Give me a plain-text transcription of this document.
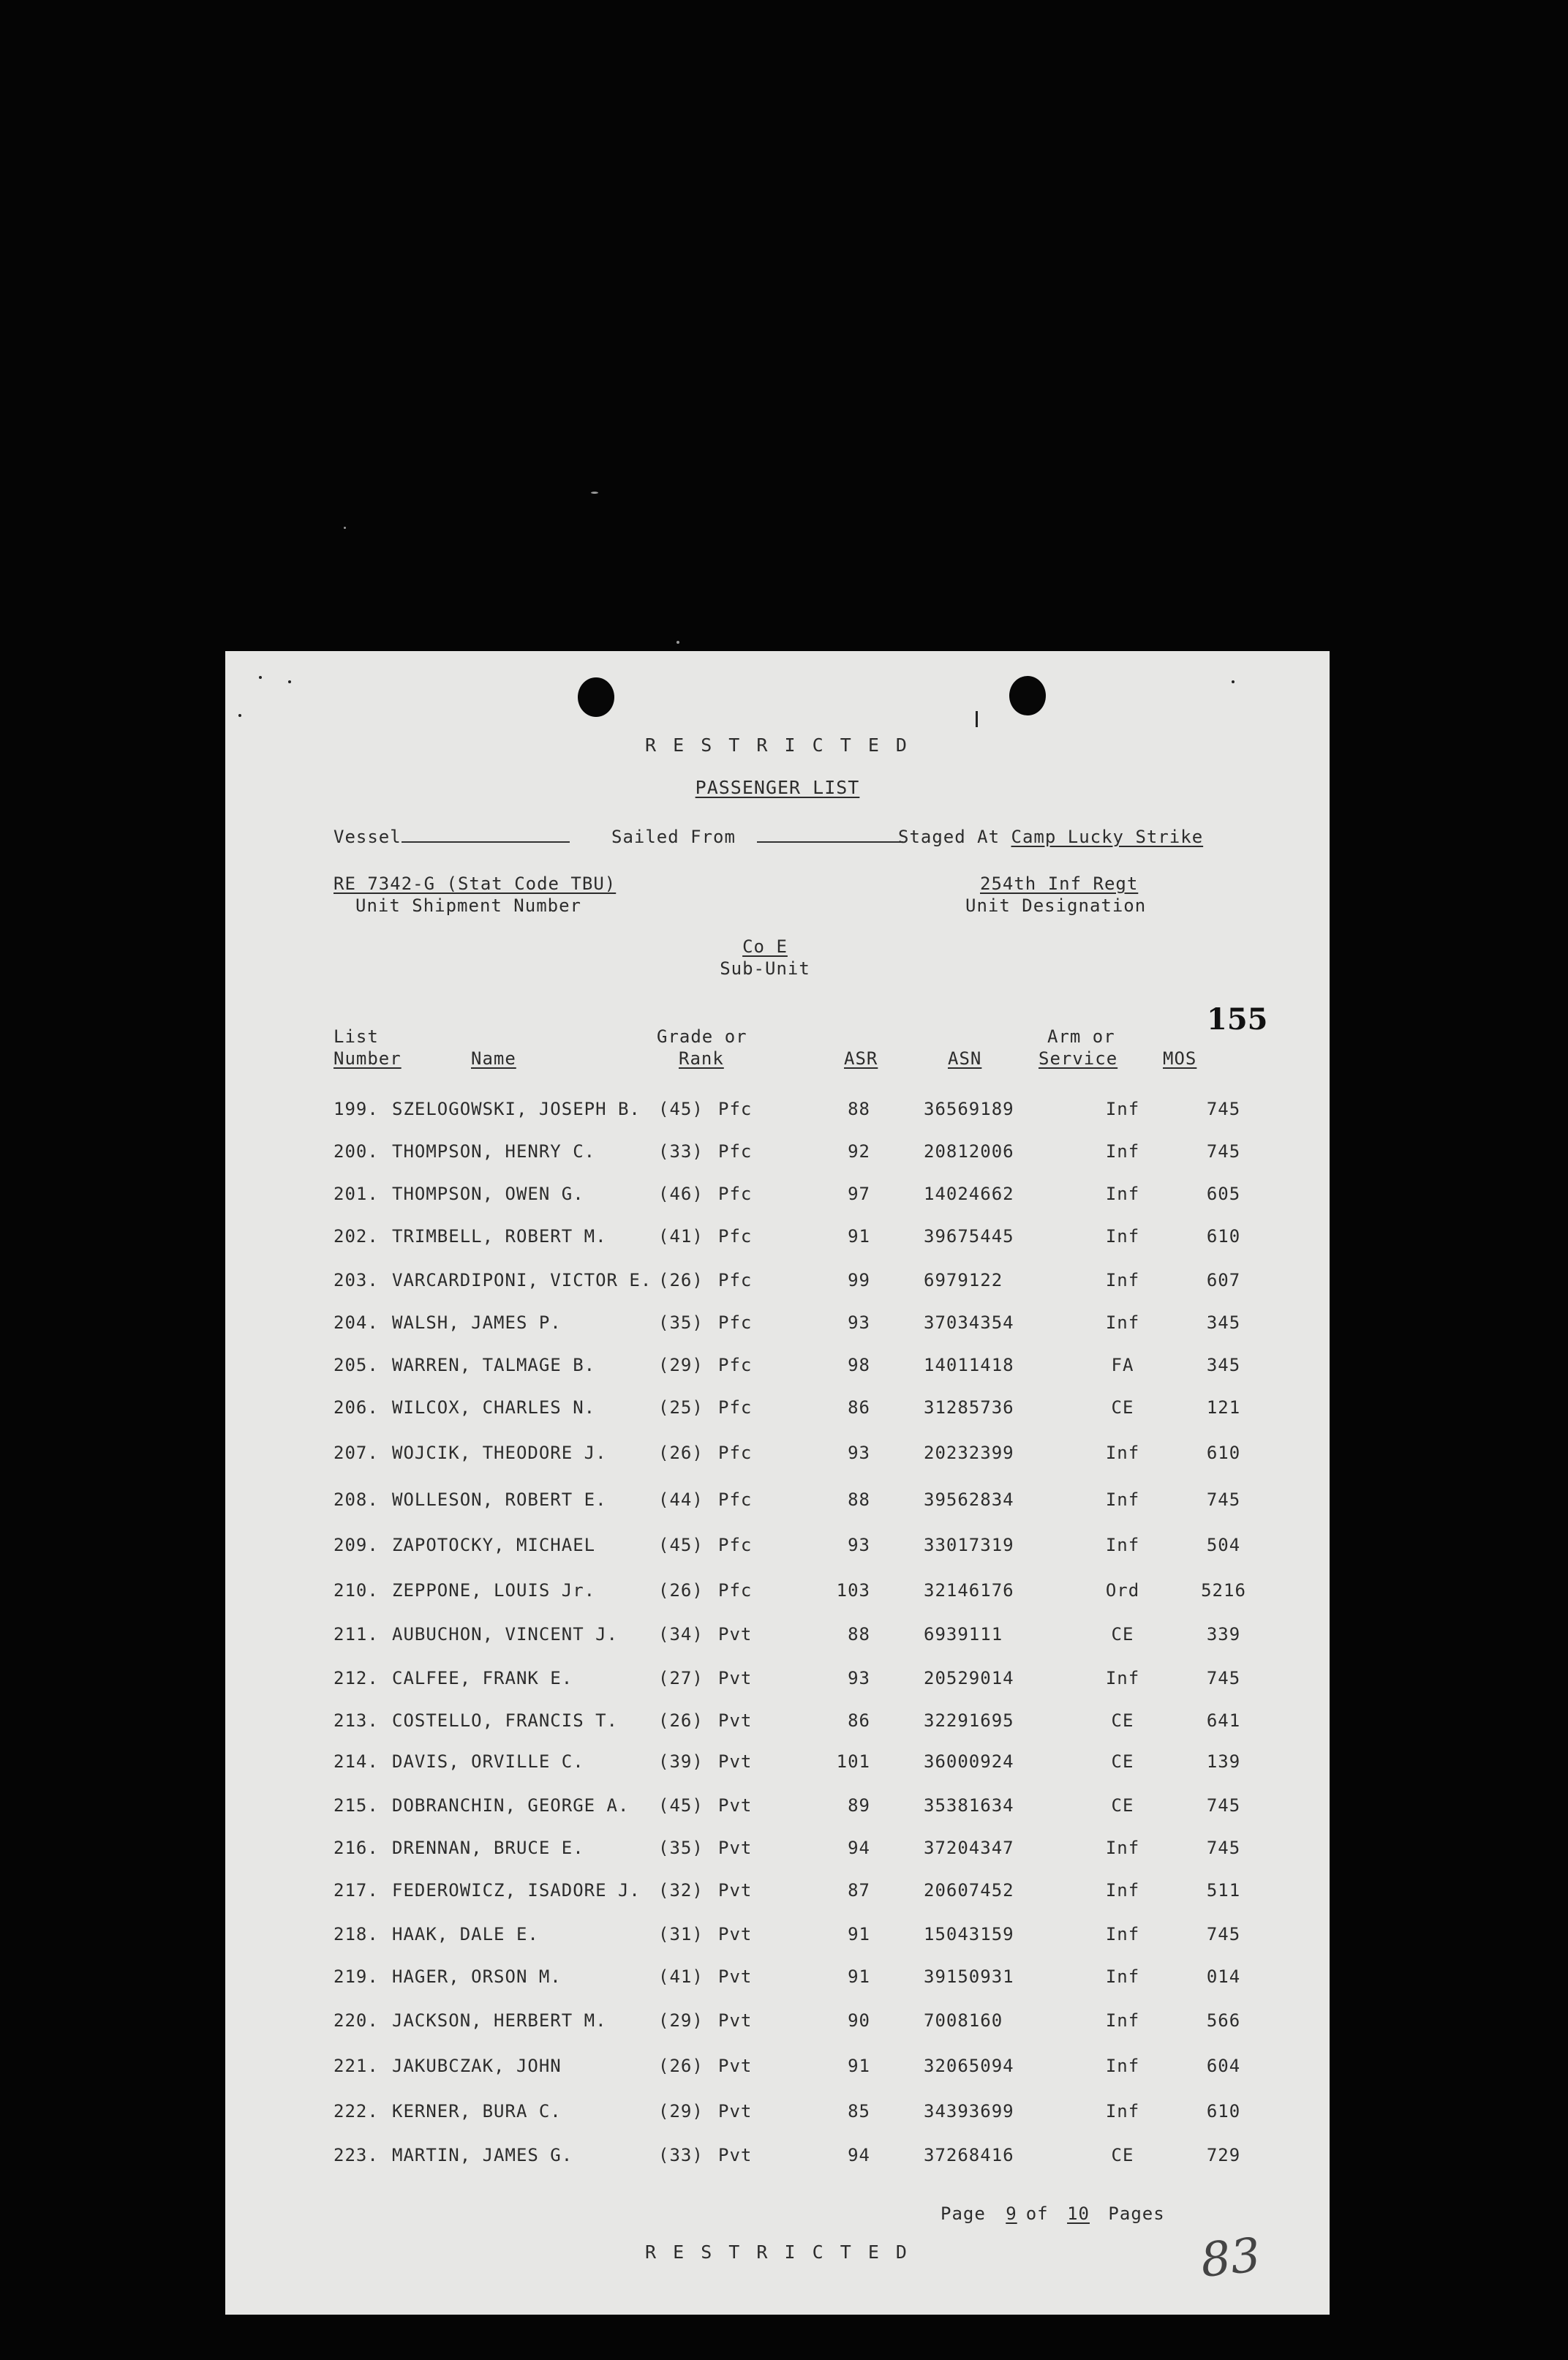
R E S T R I C T E D
PASSENGER LIST
Vessel	Sailed From	Staged At Camp Lucky Strike
RE 7342-G (Stat Code TBU)
Unit Shipment Number
254th Inf Regt
Unit Designation
Co E
Sub-Unit
155
List
Number	Name
Grade or
Rank	ASR	ASN
Arm or
Service	MOS
199. SZELOGOWSKI, JOSEPH B. (45) Pfc	88	36569189	Inf	745
200. THOMPSON, HENRY C.	(33) Pfc	92	20812006	Inf	745
201. THOMPSON, OWEN G.	(46) Pfc	97	14024662	Inf	605
202. TRIMBELL, ROBERT M.	(41) Pfc	91	39675445	Inf	610
203. VARCARDIPONI, VICTOR E. (26) Pfc	99	6979122	Inf	607
204. WALSH, JAMES P.	(35) Pfc	93	37034354	Inf	345
205. WARREN, TALMAGE B.	(29) Pfc	98	14011418	FA	345
206. WILCOX, CHARLES N.	(25) Pfc	86	31285736	CE	121
207. WOJCIK, THEODORE J.	(26) Pfc	93	20232399	Inf	610
208. WOLLESON, ROBERT E.	(44) Pfc	88	39562834	Inf	745
209. ZAPOTOCKY, MICHAEL	(45) Pfc	93	33017319	Inf	504
210. ZEPPONE, LOUIS Jr.	(26) Pfc	103	32146176	Ord	5216
211. AUBUCHON, VINCENT J. (34) Pvt	88	6939111	CE	339
212. CALFEE, FRANK E.	(27) Pvt	93	20529014	Inf	745
213. COSTELLO, FRANCIS T. (26) Pvt	86	32291695	CE	641
214. DAVIS, ORVILLE C.	(39) Pvt	101	36000924	CE	139
215. DOBRANCHIN, GEORGE A. (45) Pvt	89	35381634	CE	745
216. DRENNAN, BRUCE E.	(35) Pvt	94	37204347	Inf	745
217. FEDEROWICZ, ISADORE J. (32) Pvt	87	20607452	Inf	511
218. HAAK, DALE E.	(31) Pvt	91	15043159	Inf	745
219. HAGER, ORSON M.	(41) Pvt	91	39150931	Inf	014
220. JACKSON, HERBERT M.	(29) Pvt	90	7008160	Inf	566
221. JAKUBCZAK, JOHN	(26) Pvt	91	32065094	Inf	604
222. KERNER, BURA C.	(29) Pvt	85	34393699	Inf	610
223. MARTIN, JAMES G.	(33) Pvt	94	37268416	CE	729
R E S T R I C T E D
Page 9 of 10 Pages
83
